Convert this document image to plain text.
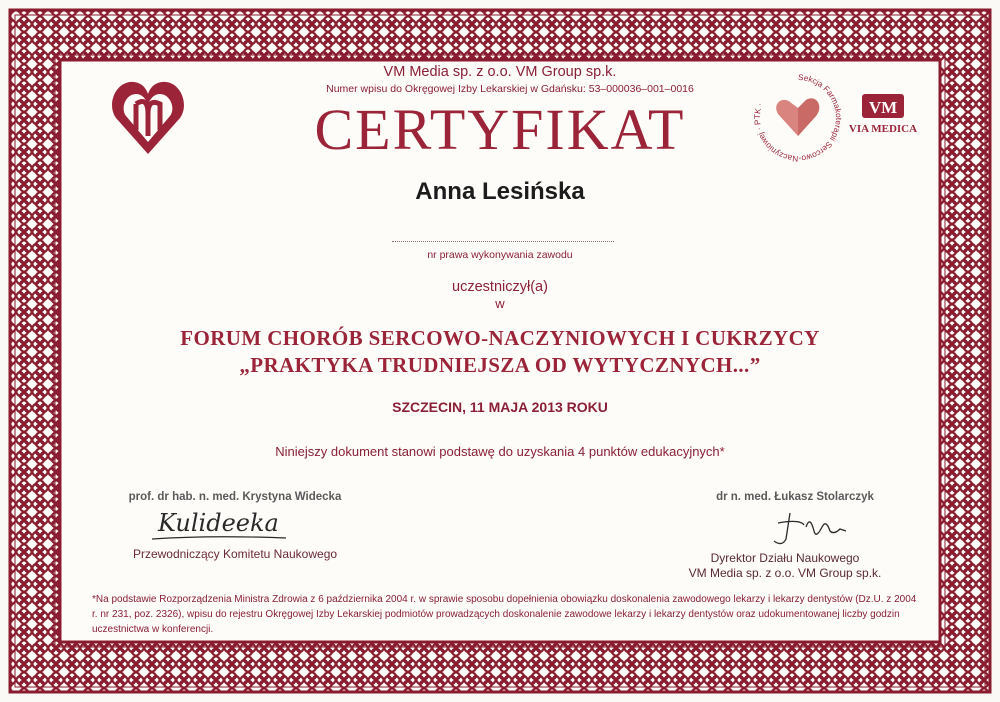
Sekcja Farmakoterapii Sercowo-Naczyniowej · PTK ·	VM
VIA MEDICA
VM Media sp. z o.o. VM Group sp.k.
Numer wpisu do Okręgowej Izby Lekarskiej w Gdańsku: 53–000036–001–0016
CERTYFIKAT
Anna Lesińska
nr prawa wykonywania zawodu
uczestniczył(a)
w
FORUM CHORÓB SERCOWO-NACZYNIOWYCH I CUKRZYCY
„PRAKTYKA TRUDNIEJSZA OD WYTYCZNYCH...”
SZCZECIN, 11 MAJA 2013 ROKU
Niniejszy dokument stanowi podstawę do uzyskania 4 punktów edukacyjnych*
prof. dr hab. n. med. Krystyna Widecka
Kulideeka
Przewodniczący Komitetu Naukowego
dr n. med. Łukasz Stolarczyk
Dyrektor Działu Naukowego
VM Media sp. z o.o. VM Group sp.k.
*Na podstawie Rozporządzenia Ministra Zdrowia z 6 października 2004 r. w sprawie sposobu dopełnienia obowiązku doskonalenia zawodowego lekarzy i lekarzy dentystów (Dz.U. z 2004 r. nr 231, poz. 2326), wpisu do rejestru Okręgowej Izby Lekarskiej podmiotów prowadzących doskonalenie zawodowe lekarzy i lekarzy dentystów oraz udokumentowanej liczby godzin uczestnictwa w konferencji.
